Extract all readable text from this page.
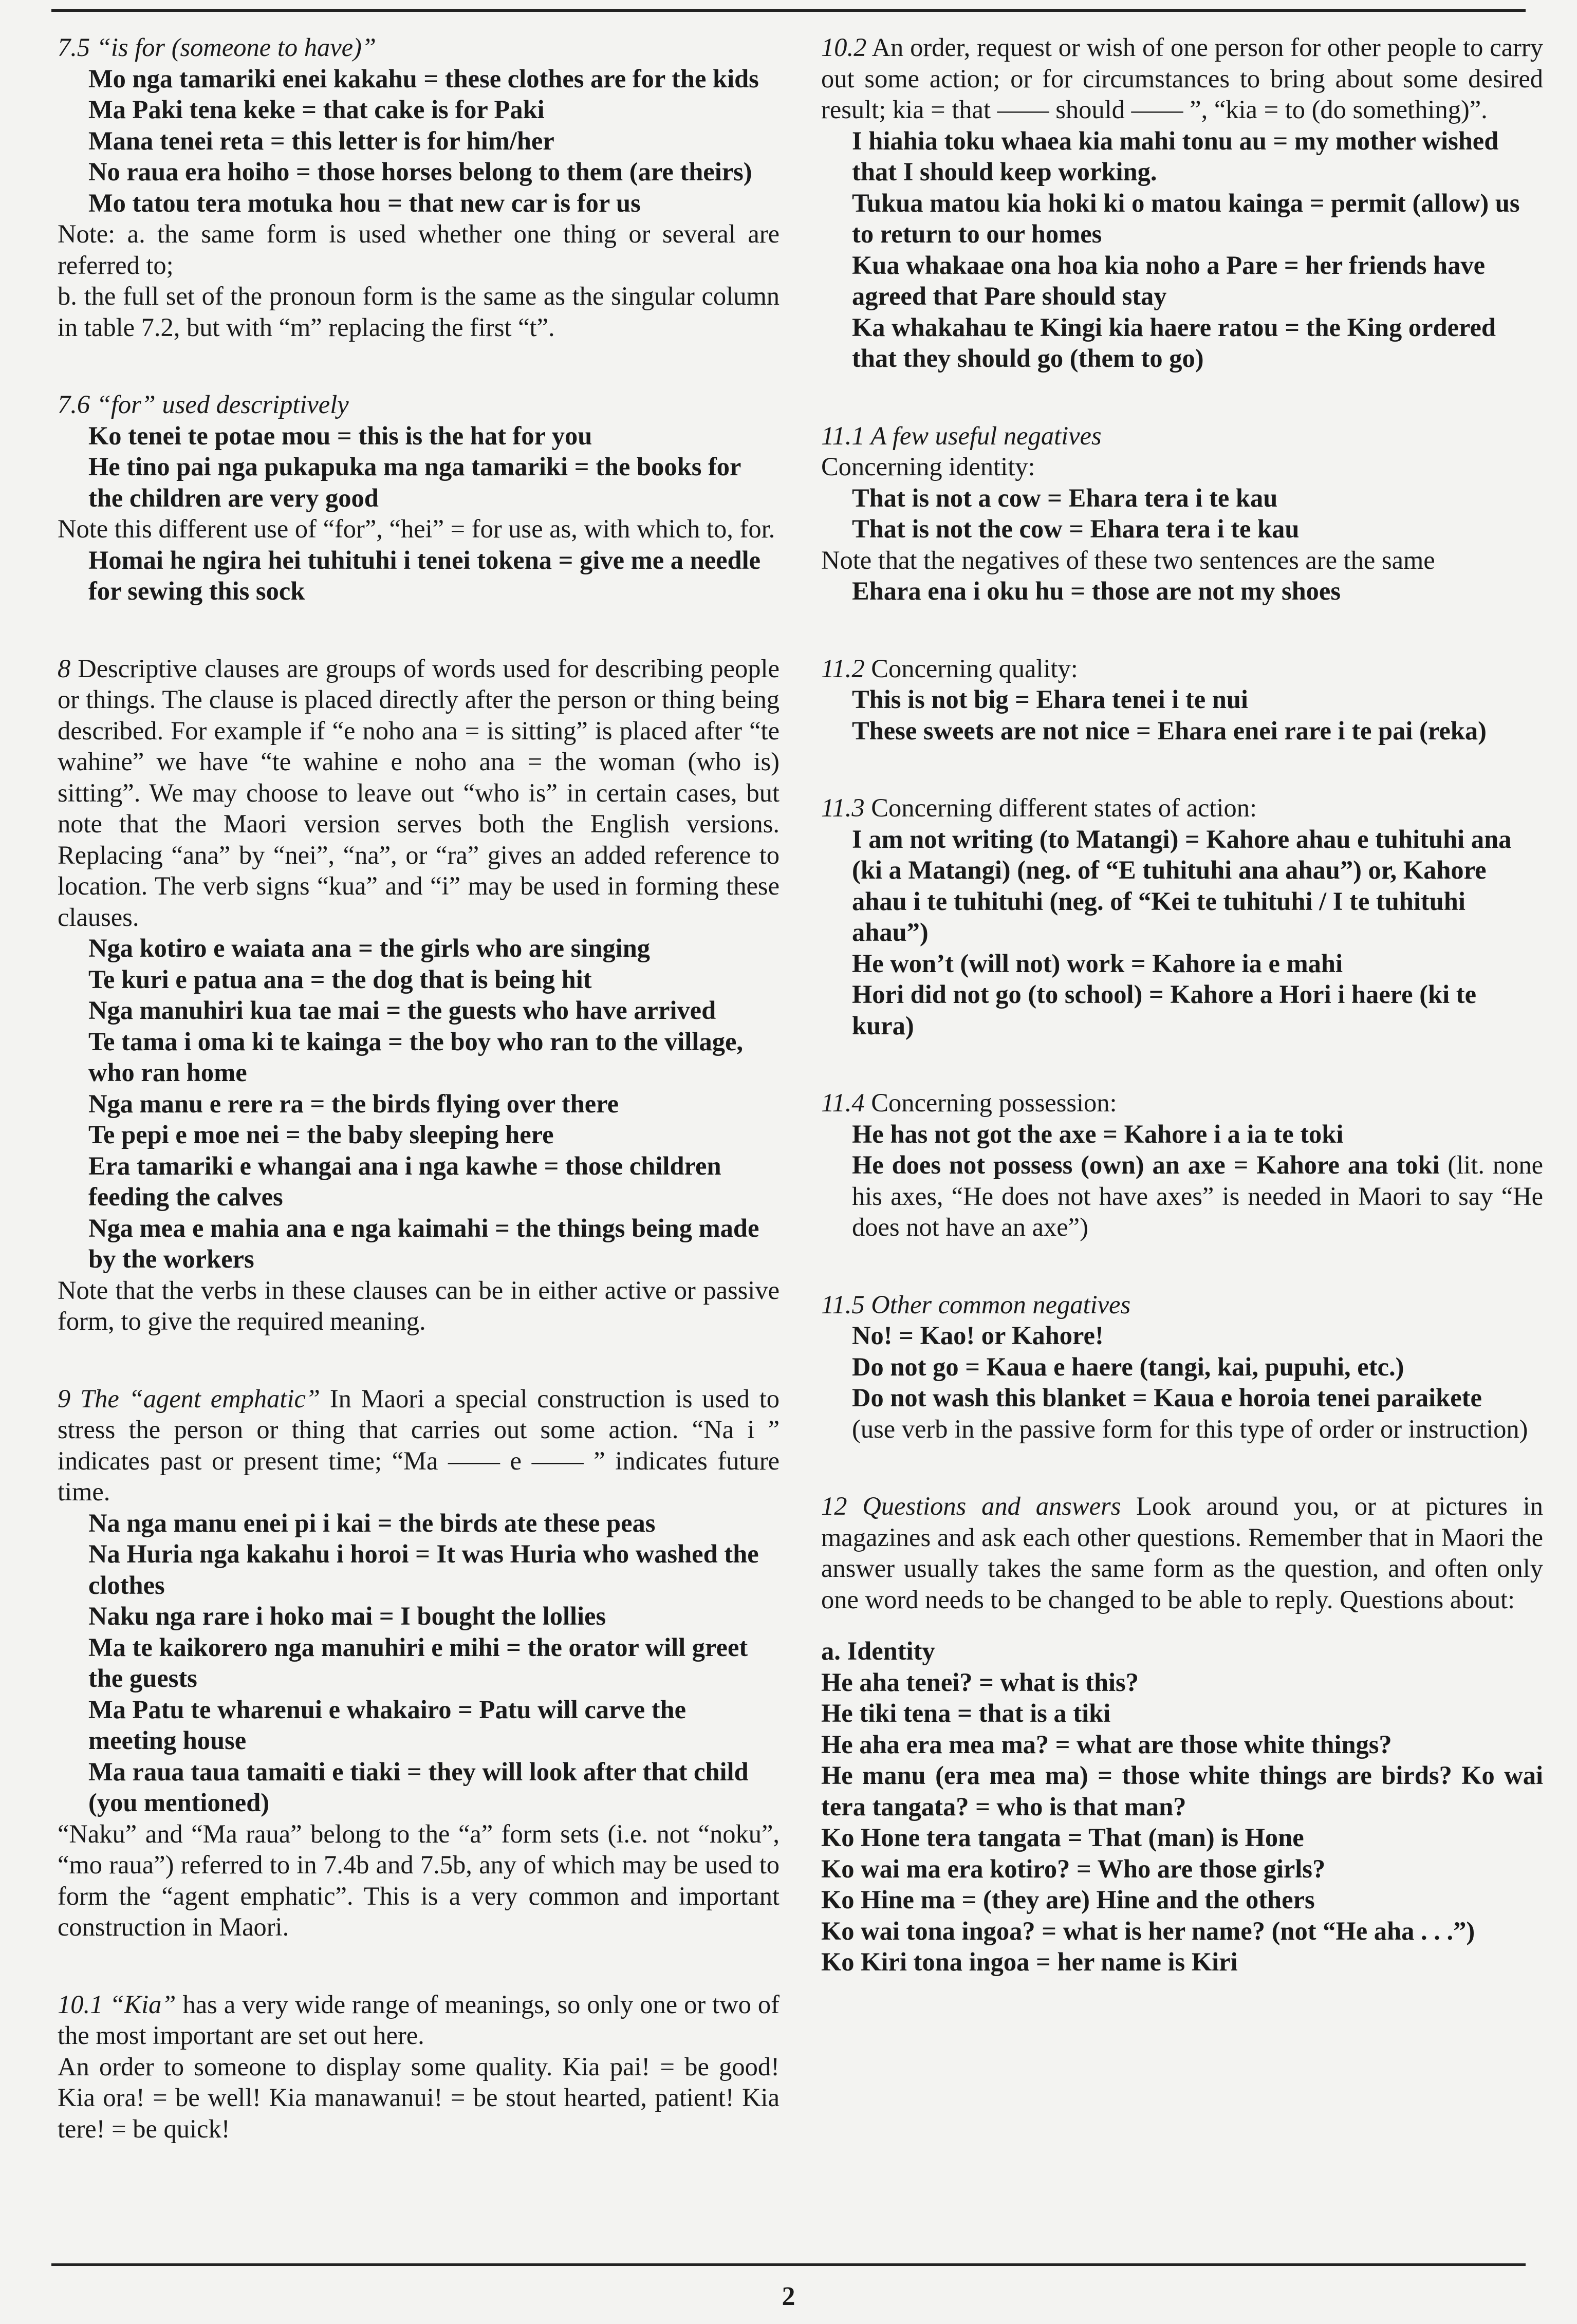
7.5 “is for (someone to have)”

Mo nga tamariki enei kakahu = these clothes are for the kids

Ma Paki tena keke = that cake is for Paki

Mana tenei reta = this letter is for him/her

No raua era hoiho = those horses belong to them (are theirs)

Mo tatou tera motuka hou = that new car is for us

Note: a. the same form is used whether one thing or several are referred to;

b. the full set of the pronoun form is the same as the singular column in table 7.2, but with “m” replacing the first “t”.

7.6 “for” used descriptively

Ko tenei te potae mou = this is the hat for you

He tino pai nga pukapuka ma nga tamariki = the books for the children are very good

Note this different use of “for”, “hei” = for use as, with which to, for.

Homai he ngira hei tuhituhi i tenei tokena = give me a needle for sewing this sock

8 Descriptive clauses are groups of words used for describing people or things. The clause is placed directly after the person or thing being described. For example if “e noho ana = is sitting” is placed after “te wahine” we have “te wahine e noho ana = the woman (who is) sitting”. We may choose to leave out “who is” in certain cases, but note that the Maori version serves both the English versions. Replacing “ana” by “nei”, “na”, or “ra” gives an added reference to location. The verb signs “kua” and “i” may be used in forming these clauses.

Nga kotiro e waiata ana = the girls who are singing

Te kuri e patua ana = the dog that is being hit

Nga manuhiri kua tae mai = the guests who have arrived

Te tama i oma ki te kainga = the boy who ran to the village, who ran home

Nga manu e rere ra = the birds flying over there

Te pepi e moe nei = the baby sleeping here

Era tamariki e whangai ana i nga kawhe = those children feeding the calves

Nga mea e mahia ana e nga kaimahi = the things being made by the workers

Note that the verbs in these clauses can be in either active or passive form, to give the required meaning.

9 The “agent emphatic” In Maori a special construction is used to stress the person or thing that carries out some action. “Na i ” indicates past or present time; “Ma —— e —— ” indicates future time.

Na nga manu enei pi i kai = the birds ate these peas

Na Huria nga kakahu i horoi = It was Huria who washed the clothes

Naku nga rare i hoko mai = I bought the lollies

Ma te kaikorero nga manuhiri e mihi = the orator will greet the guests

Ma Patu te wharenui e whakairo = Patu will carve the meeting house

Ma raua taua tamaiti e tiaki = they will look after that child (you mentioned)

“Naku” and “Ma raua” belong to the “a” form sets (i.e. not “noku”, “mo raua”) referred to in 7.4b and 7.5b, any of which may be used to form the “agent emphatic”. This is a very common and important construction in Maori.

10.1 “Kia” has a very wide range of meanings, so only one or two of the most important are set out here.

An order to someone to display some quality. Kia pai! = be good! Kia ora! = be well! Kia manawanui! = be stout hearted, patient! Kia tere! = be quick!

10.2 An order, request or wish of one person for other people to carry out some action; or for circumstances to bring about some desired result; kia = that —— should —— ”, “kia = to (do something)”.

I hiahia toku whaea kia mahi tonu au = my mother wished that I should keep working.

Tukua matou kia hoki ki o matou kainga = permit (allow) us to return to our homes

Kua whakaae ona hoa kia noho a Pare = her friends have agreed that Pare should stay

Ka whakahau te Kingi kia haere ratou = the King ordered that they should go (them to go)

11.1 A few useful negatives

Concerning identity:

That is not a cow = Ehara tera i te kau

That is not the cow = Ehara tera i te kau

Note that the negatives of these two sentences are the same

Ehara ena i oku hu = those are not my shoes

11.2 Concerning quality:

This is not big = Ehara tenei i te nui

These sweets are not nice = Ehara enei rare i te pai (reka)

11.3 Concerning different states of action:

I am not writing (to Matangi) = Kahore ahau e tuhituhi ana (ki a Matangi) (neg. of “E tuhituhi ana ahau”) or, Kahore ahau i te tuhituhi (neg. of “Kei te tuhituhi / I te tuhituhi ahau”)

He won’t (will not) work = Kahore ia e mahi

Hori did not go (to school) = Kahore a Hori i haere (ki te kura)

11.4 Concerning possession:

He has not got the axe = Kahore i a ia te toki

He does not possess (own) an axe = Kahore ana toki (lit. none his axes, “He does not have axes” is needed in Maori to say “He does not have an axe”)

11.5 Other common negatives

No! = Kao! or Kahore!

Do not go = Kaua e haere (tangi, kai, pupuhi, etc.)

Do not wash this blanket = Kaua e horoia tenei paraikete

(use verb in the passive form for this type of order or instruction)

12 Questions and answers Look around you, or at pictures in magazines and ask each other questions. Remember that in Maori the answer usually takes the same form as the question, and often only one word needs to be changed to be able to reply. Questions about:

a. Identity

He aha tenei? = what is this?

He tiki tena = that is a tiki

He aha era mea ma? = what are those white things?

He manu (era mea ma) = those white things are birds? Ko wai tera tangata? = who is that man?

Ko Hone tera tangata = That (man) is Hone

Ko wai ma era kotiro? = Who are those girls?

Ko Hine ma = (they are) Hine and the others

Ko wai tona ingoa? = what is her name? (not “He aha . . .”)

Ko Kiri tona ingoa = her name is Kiri

2
